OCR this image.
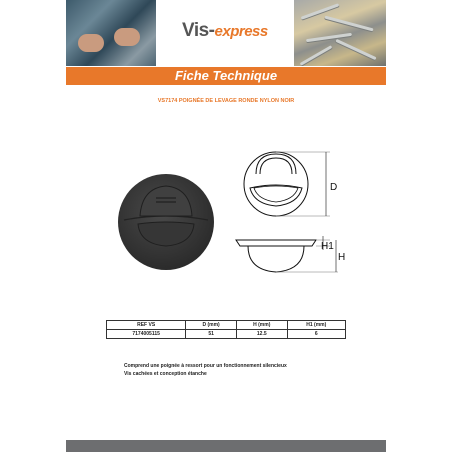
Vis-express
Fiche Technique
VS7174 POIGNÉE DE LEVAGE RONDE NYLON NOIR
D
H1
H
REF VS	D (mm)	H (mm)	H1 (mm)
7174005115	51	12.5	6
Comprend une poignée à ressort pour un fonctionnement silencieux
Vis cachées et conception étanche
